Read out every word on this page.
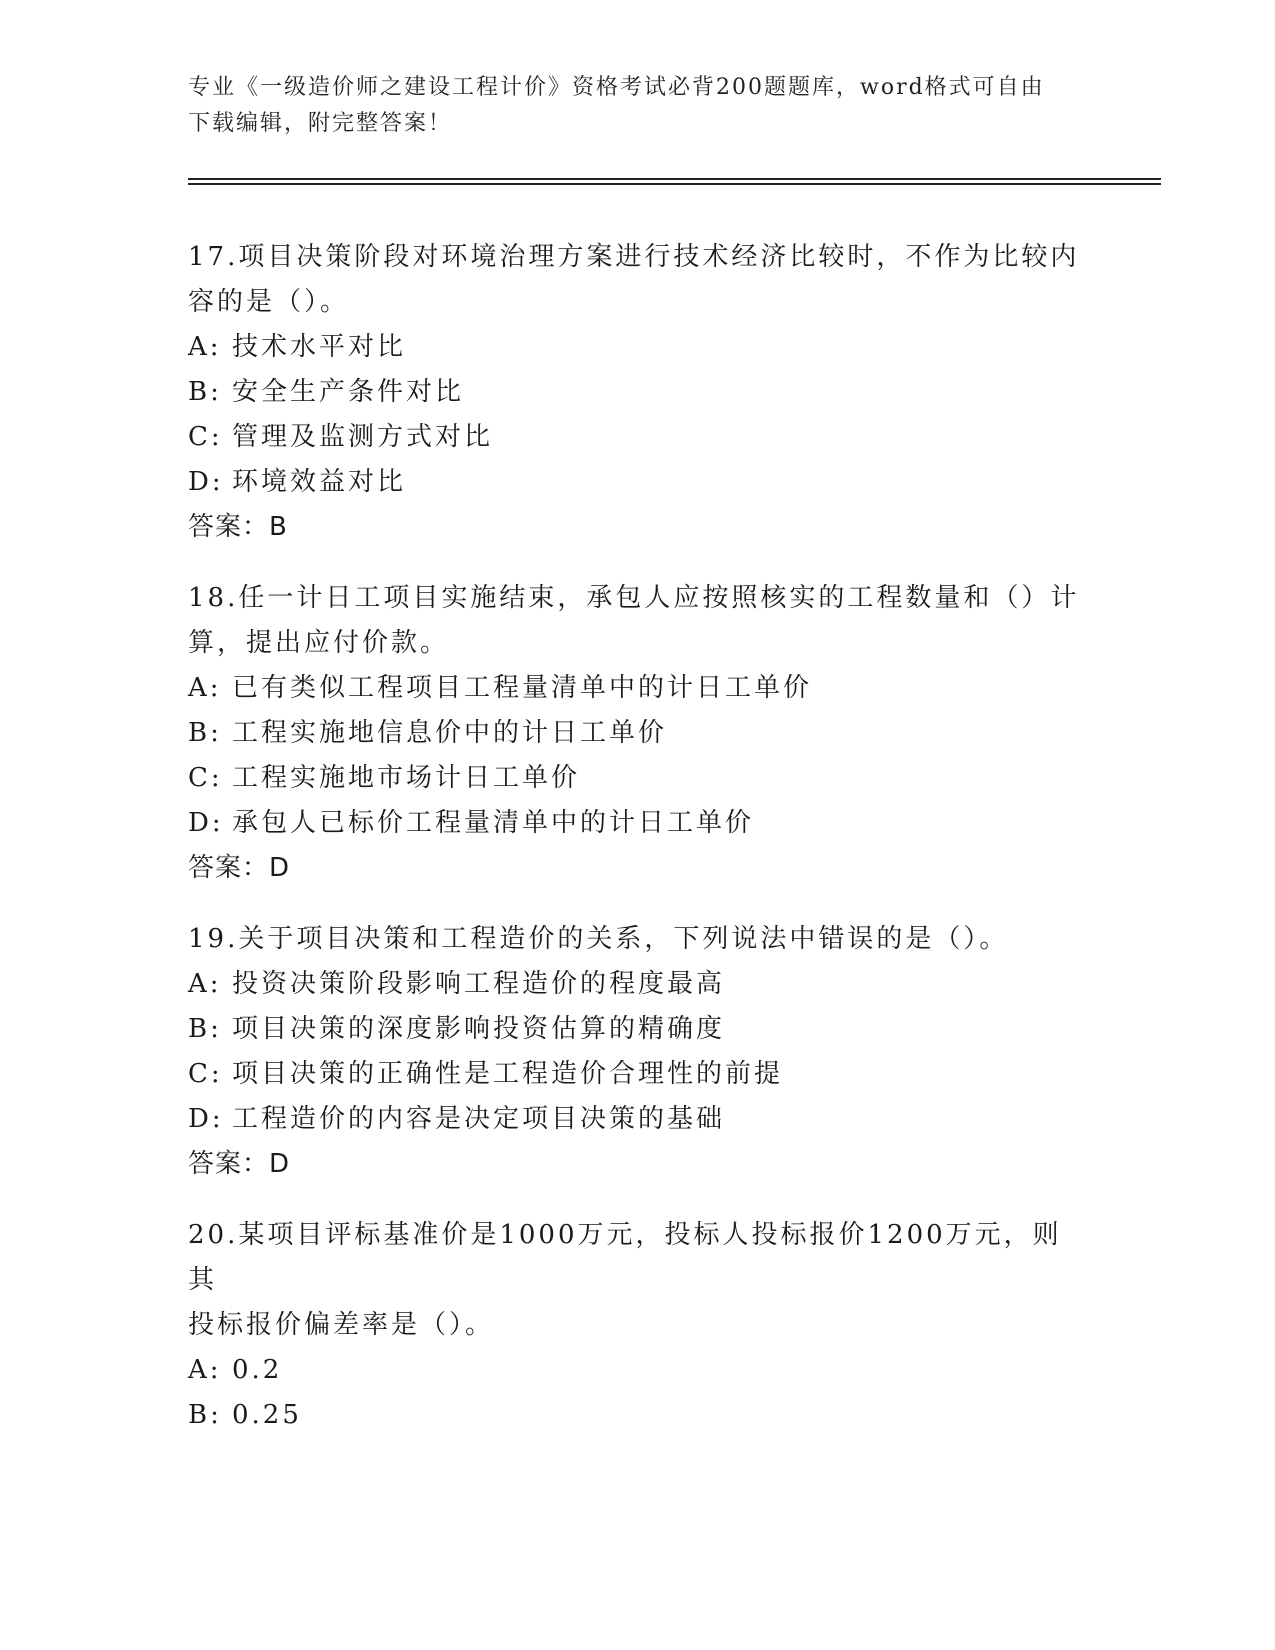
专业《一级造价师之建设工程计价》资格考试必背200题题库，word格式可自由
下载编辑，附完整答案！

17.项目决策阶段对环境治理方案进行技术经济比较时，不作为比较内
容的是（）。

A: 技术水平对比

B: 安全生产条件对比

C: 管理及监测方式对比

D: 环境效益对比

答案：B

18.任一计日工项目实施结束，承包人应按照核实的工程数量和（）计
算，提出应付价款。

A: 已有类似工程项目工程量清单中的计日工单价

B: 工程实施地信息价中的计日工单价

C: 工程实施地市场计日工单价

D: 承包人已标价工程量清单中的计日工单价

答案：D

19.关于项目决策和工程造价的关系，下列说法中错误的是（）。

A: 投资决策阶段影响工程造价的程度最高

B: 项目决策的深度影响投资估算的精确度

C: 项目决策的正确性是工程造价合理性的前提

D: 工程造价的内容是决定项目决策的基础

答案：D

20.某项目评标基准价是1000万元，投标人投标报价1200万元，则其
投标报价偏差率是（）。

A: 0.2

B: 0.25
